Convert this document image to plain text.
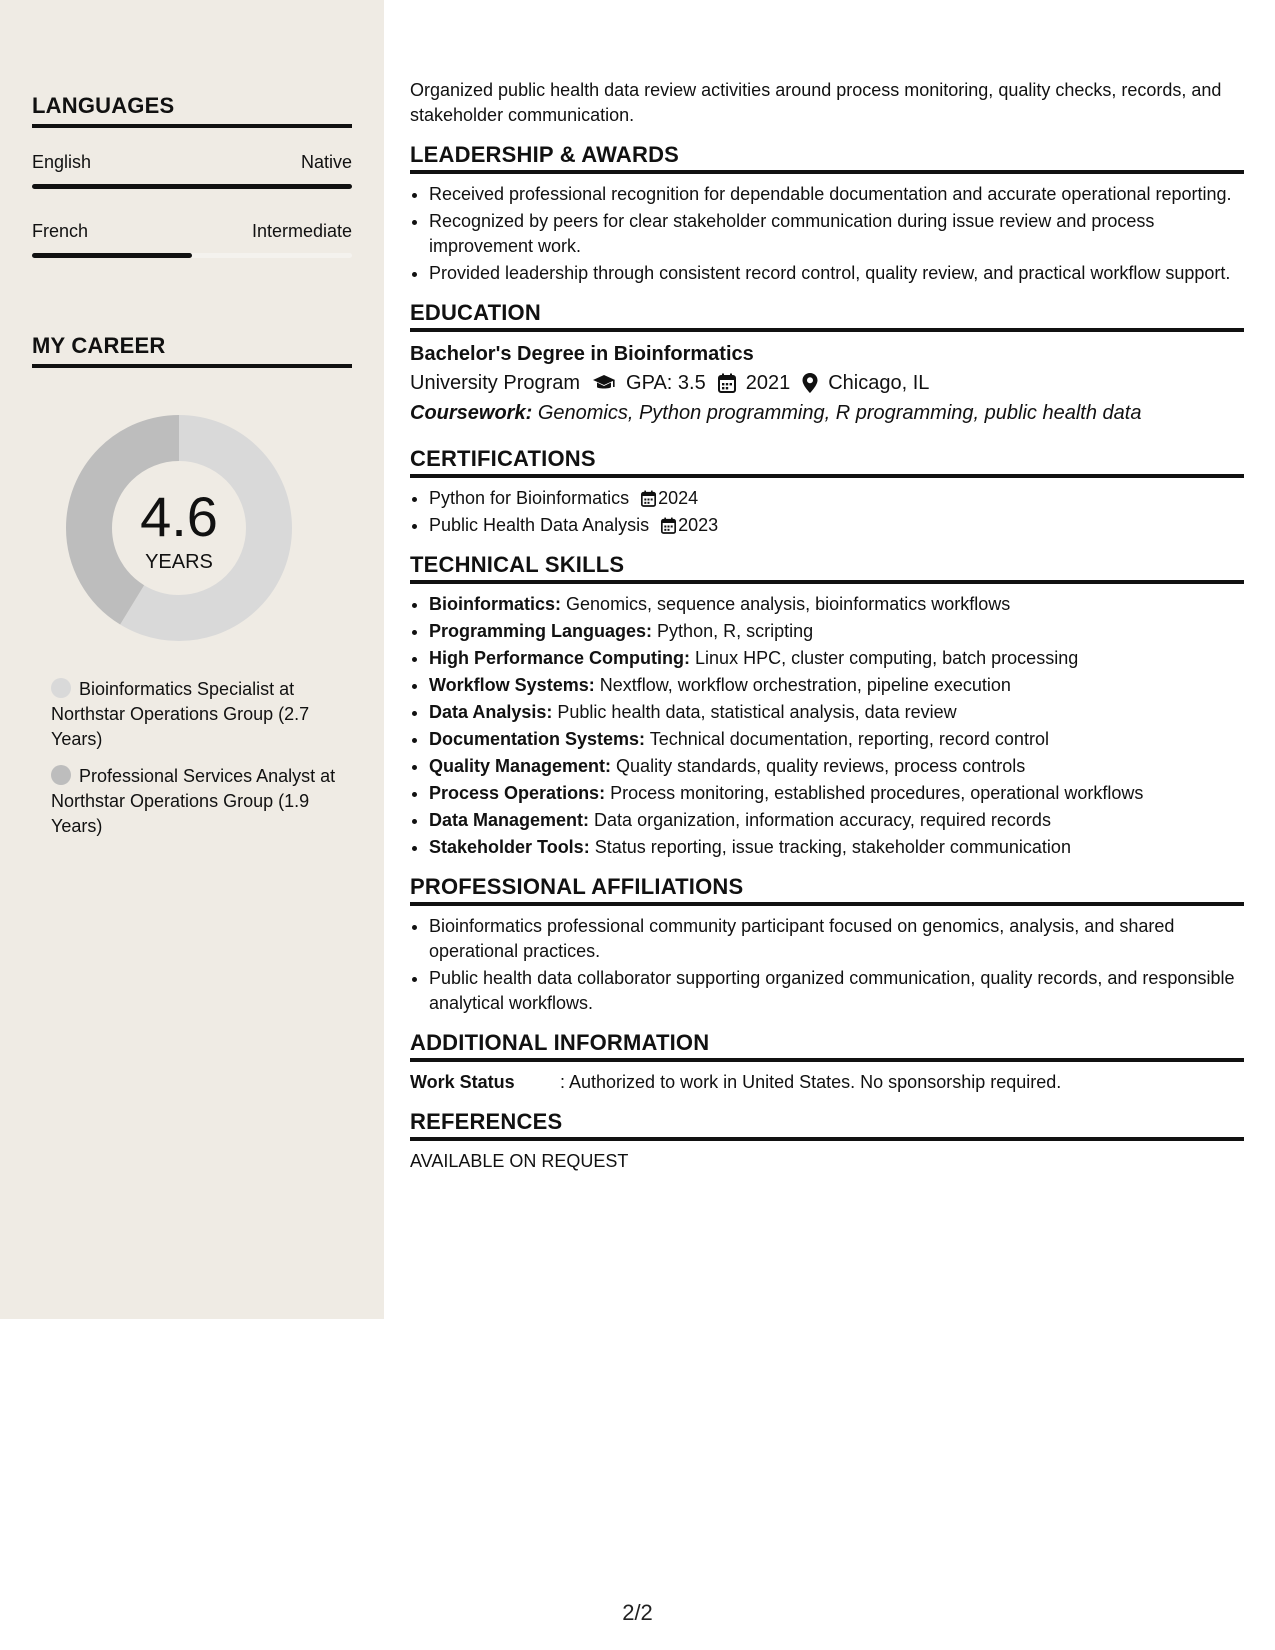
LANGUAGES
English	Native
French	Intermediate
MY CAREER
4.6
YEARS
Bioinformatics Specialist at Northstar Operations Group (2.7 Years)
Professional Services Analyst at Northstar Operations Group (1.9 Years)

Organized public health data review activities around process monitoring, quality checks, records, and stakeholder communication.

LEADERSHIP & AWARDS
• Received professional recognition for dependable documentation and accurate operational reporting.
• Recognized by peers for clear stakeholder communication during issue review and process improvement work.
• Provided leadership through consistent record control, quality review, and practical workflow support.
EDUCATION
Bachelor's Degree in Bioinformatics
University Program GPA: 3.5 2021 Chicago, IL
Coursework: Genomics, Python programming, R programming, public health data
CERTIFICATIONS
• Python for Bioinformatics 2024
• Public Health Data Analysis 2023
TECHNICAL SKILLS
• Bioinformatics: Genomics, sequence analysis, bioinformatics workflows
• Programming Languages: Python, R, scripting
• High Performance Computing: Linux HPC, cluster computing, batch processing
• Workflow Systems: Nextflow, workflow orchestration, pipeline execution
• Data Analysis: Public health data, statistical analysis, data review
• Documentation Systems: Technical documentation, reporting, record control
• Quality Management: Quality standards, quality reviews, process controls
• Process Operations: Process monitoring, established procedures, operational workflows
• Data Management: Data organization, information accuracy, required records
• Stakeholder Tools: Status reporting, issue tracking, stakeholder communication
PROFESSIONAL AFFILIATIONS
• Bioinformatics professional community participant focused on genomics, analysis, and shared operational practices.
• Public health data collaborator supporting organized communication, quality records, and responsible analytical workflows.
ADDITIONAL INFORMATION
Work Status	: Authorized to work in United States. No sponsorship required.
REFERENCES
AVAILABLE ON REQUEST
2/2
